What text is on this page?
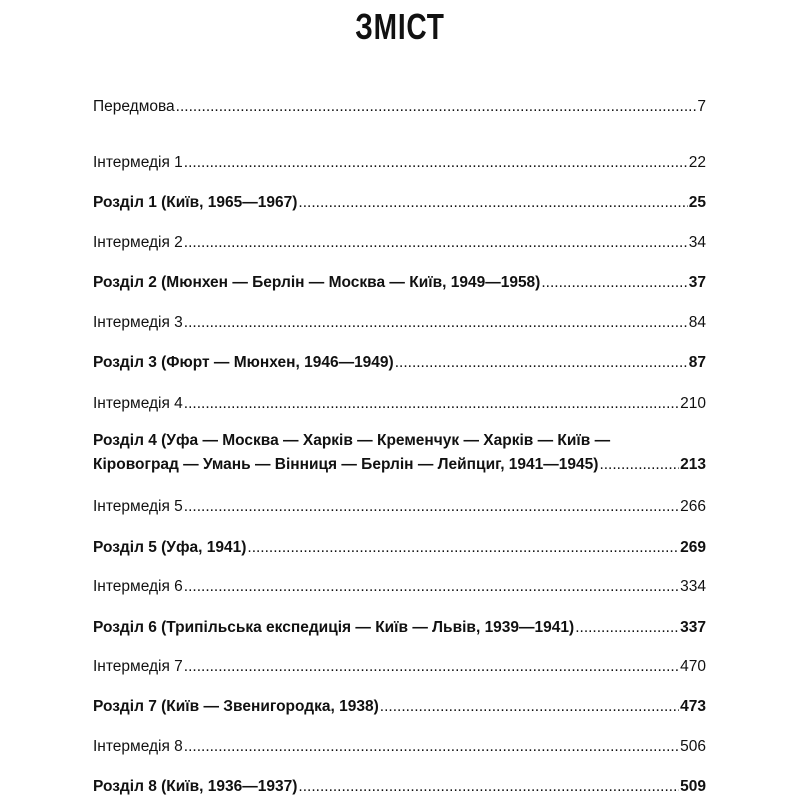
ЗМІСТ
Передмова .....	7
Інтермедія 1 .....	22
Розділ 1 (Київ, 1965—1967) .....	25
Інтермедія 2 .....	34
Розділ 2 (Мюнхен — Берлін — Москва — Київ, 1949—1958) .....	37
Інтермедія 3 .....	84
Розділ 3 (Фюрт — Мюнхен, 1946—1949) .....	87
Інтермедія 4 .....	210
Розділ 4 (Уфа — Москва — Харків — Кременчук — Харків — Київ —
Кіровоград — Умань — Вінниця — Берлін — Лейпциг, 1941—1945) .....	213
Інтермедія 5 .....	266
Розділ 5 (Уфа, 1941) .....	269
Інтермедія 6 .....	334
Розділ 6 (Трипільська експедиція — Київ — Львів, 1939—1941) .....	337
Інтермедія 7 .....	470
Розділ 7 (Київ — Звенигородка, 1938) .....	473
Інтермедія 8 .....	506
Розділ 8 (Київ, 1936—1937) .....	509
